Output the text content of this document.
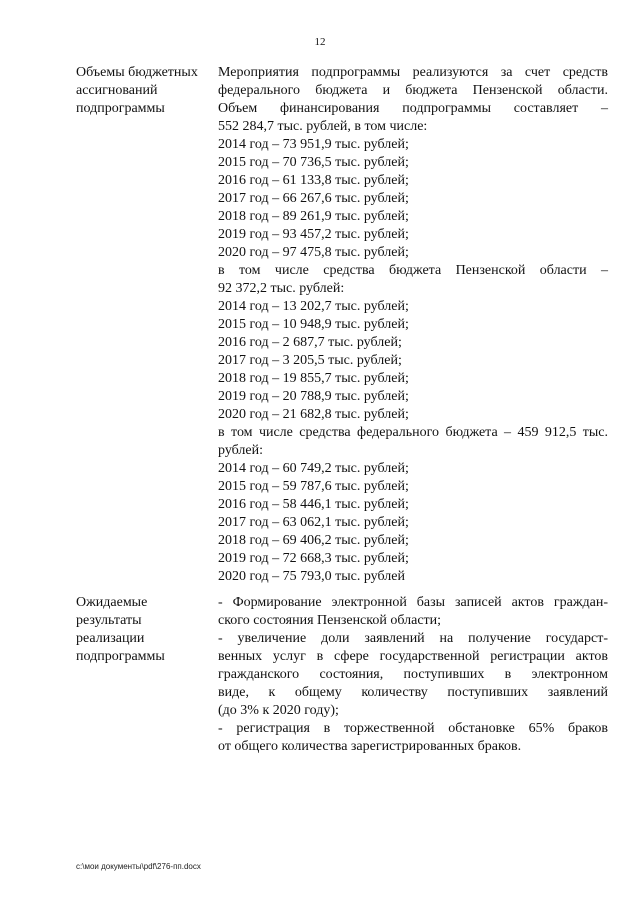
12
Объемы бюджетных
ассигнований
подпрограммы
Мероприятия подпрограммы реализуются за счет средств
федерального бюджета и бюджета Пензенской области.
Объем финансирования подпрограммы составляет –
552 284,7 тыс. рублей, в том числе:
2014 год – 73 951,9 тыс. рублей;
2015 год – 70 736,5 тыс. рублей;
2016 год – 61 133,8 тыс. рублей;
2017 год – 66 267,6 тыс. рублей;
2018 год – 89 261,9 тыс. рублей;
2019 год – 93 457,2 тыс. рублей;
2020 год – 97 475,8 тыс. рублей;
в том числе средства бюджета Пензенской области –
92 372,2 тыс. рублей:
2014 год – 13 202,7 тыс. рублей;
2015 год – 10 948,9 тыс. рублей;
2016 год – 2 687,7 тыс. рублей;
2017 год – 3 205,5 тыс. рублей;
2018 год – 19 855,7 тыс. рублей;
2019 год – 20 788,9 тыс. рублей;
2020 год – 21 682,8 тыс. рублей;
в том числе средства федерального бюджета – 459 912,5 тыс.
рублей:
2014 год – 60 749,2 тыс. рублей;
2015 год – 59 787,6 тыс. рублей;
2016 год – 58 446,1 тыс. рублей;
2017 год – 63 062,1 тыс. рублей;
2018 год – 69 406,2 тыс. рублей;
2019 год – 72 668,3 тыс. рублей;
2020 год – 75 793,0 тыс. рублей
Ожидаемые
результаты
реализации
подпрограммы
- Формирование электронной базы записей актов граждан-
ского состояния Пензенской области;
- увеличение доли заявлений на получение государст-
венных услуг в сфере государственной регистрации актов
гражданского состояния, поступивших в электронном
виде, к общему количеству поступивших заявлений
(до 3% к 2020 году);
- регистрация в торжественной обстановке 65% браков
от общего количества зарегистрированных браков.
c:\мои документы\pdf\276-пп.docx
